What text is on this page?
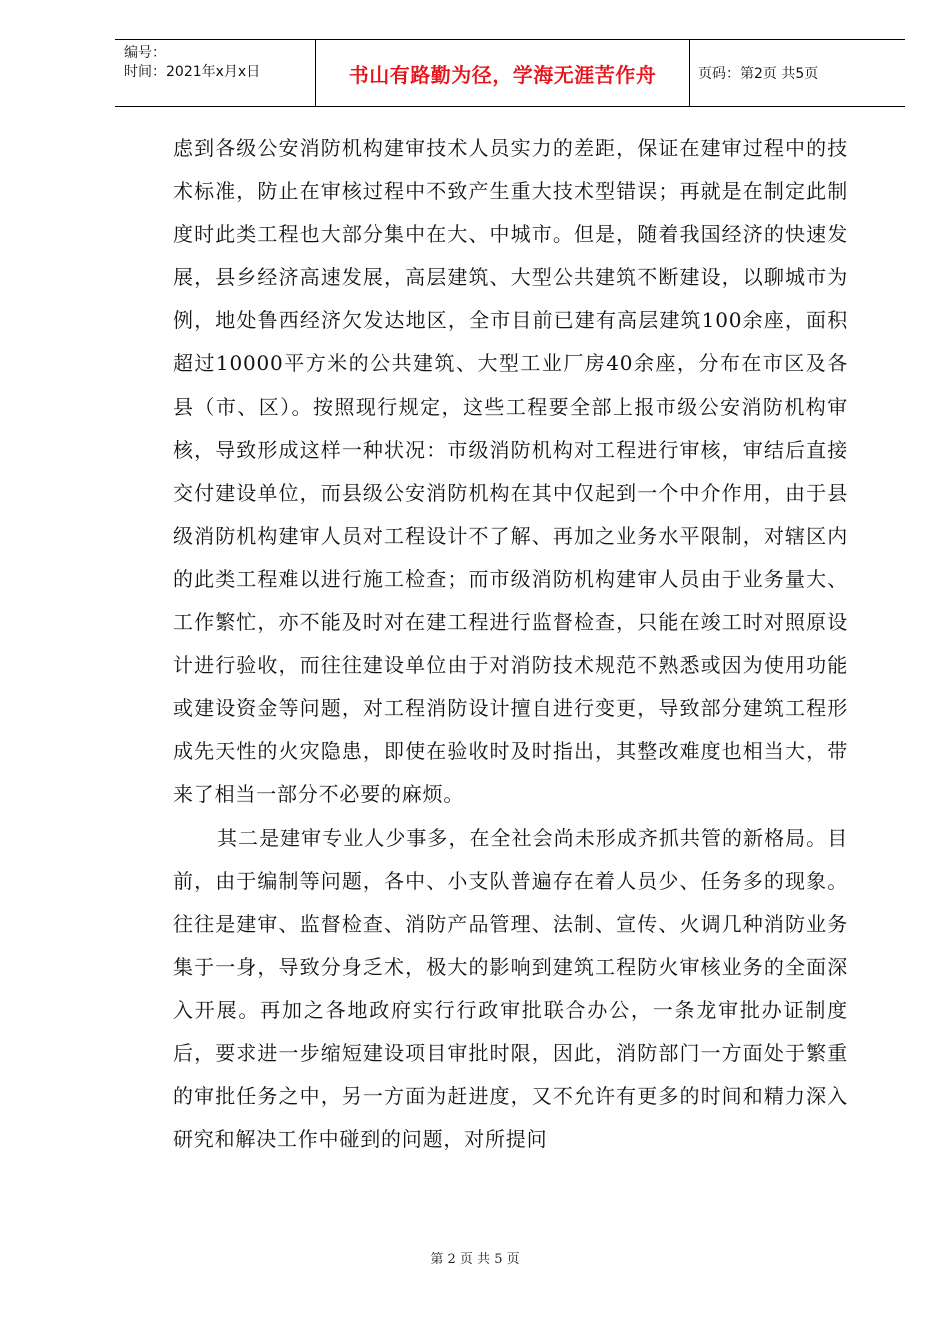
编号：
时间：2021年x月x日	书山有路勤为径，学海无涯苦作舟	页码：第2页 共5页

虑到各级公安消防机构建审技术人员实力的差距，保证在建审过程中的技术标准，防止在审核过程中不致产生重大技术型错误；再就是在制定此制度时此类工程也大部分集中在大、中城市。但是，随着我国经济的快速发展，县乡经济高速发展，高层建筑、大型公共建筑不断建设，以聊城市为例，地处鲁西经济欠发达地区，全市目前已建有高层建筑100余座，面积超过10000平方米的公共建筑、大型工业厂房40余座，分布在市区及各县（市、区）。按照现行规定，这些工程要全部上报市级公安消防机构审核，导致形成这样一种状况：市级消防机构对工程进行审核，审结后直接交付建设单位，而县级公安消防机构在其中仅起到一个中介作用，由于县级消防机构建审人员对工程设计不了解、再加之业务水平限制，对辖区内的此类工程难以进行施工检查；而市级消防机构建审人员由于业务量大、工作繁忙，亦不能及时对在建工程进行监督检查，只能在竣工时对照原设计进行验收，而往往建设单位由于对消防技术规范不熟悉或因为使用功能或建设资金等问题，对工程消防设计擅自进行变更，导致部分建筑工程形成先天性的火灾隐患，即使在验收时及时指出，其整改难度也相当大，带来了相当一部分不必要的麻烦。

其二是建审专业人少事多，在全社会尚未形成齐抓共管的新格局。目前，由于编制等问题，各中、小支队普遍存在着人员少、任务多的现象。往往是建审、监督检查、消防产品管理、法制、宣传、火调几种消防业务集于一身，导致分身乏术，极大的影响到建筑工程防火审核业务的全面深入开展。再加之各地政府实行行政审批联合办公，一条龙审批办证制度后，要求进一步缩短建设项目审批时限，因此，消防部门一方面处于繁重的审批任务之中，另一方面为赶进度，又不允许有更多的时间和精力深入研究和解决工作中碰到的问题，对所提问

第 2 页 共 5 页
